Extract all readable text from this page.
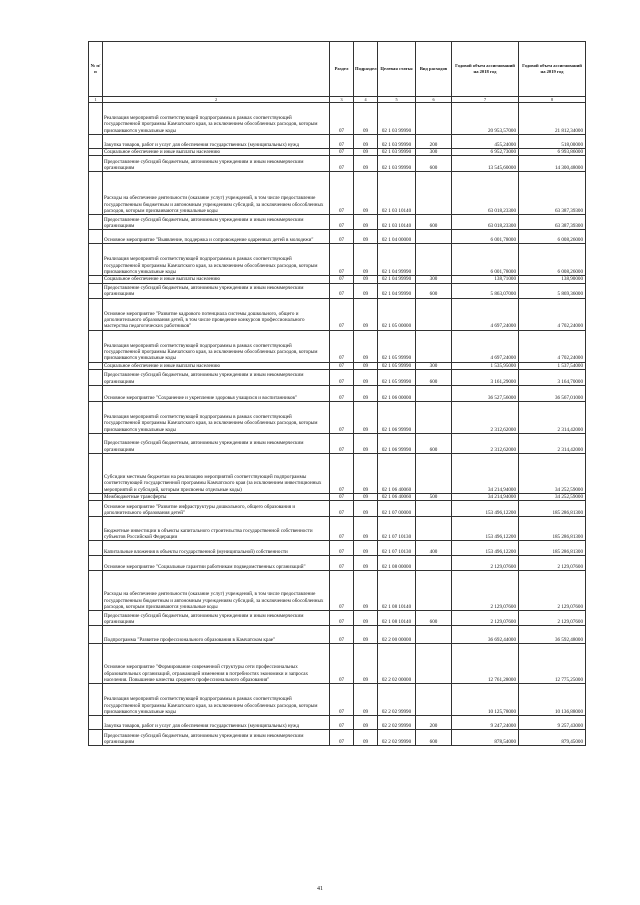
№ п/п		Раздел	Подраздел	Целевая статья	Вид расходов	Годовой объем ассигнований на 2018 год	Годовой объем ассигнований на 2019 год
1	2	3	4	5	6	7	8
	Реализация мероприятий соответствующей подпрограммы в рамках соответствующей государственной программы Камчатского края, за исключением обособленных расходов, которым присваиваются уникальные коды	07	09	02 1 03 99990		20 953,57000	21 812,34000
	Закупка товаров, работ и услуг для обеспечения государственных (муниципальных) нужд	07	09	02 1 03 99990	200	455,24000	518,00000
	Социальное обеспечение и иные выплаты населению	07	09	02 1 03 99990	300	6 952,73000	6 993,86000
	Предоставление субсидий бюджетным, автономным учреждениям и иным некоммерческим организациям	07	09	02 1 03 99990	600	13 545,60000	14 300,48000
	Расходы на обеспечение деятельности (оказание услуг) учреждений, в том числе предоставление государственным бюджетным и автономным учреждениям субсидий, за исключением обособленных расходов, которым присваиваются уникальные коды	07	09	02 1 03 10140		63 018,23300	63 387,39300
	Предоставление субсидий бюджетным, автономным учреждениям и иным некоммерческим организациям	07	09	02 1 03 10140	600	63 018,23300	63 387,39300
	Основное мероприятие "Выявление, поддержка и сопровождение одаренных детей в молодежи"	07	09	02 1 04 00000		6 001,78000	6 008,26000
	Реализация мероприятий соответствующей подпрограммы в рамках соответствующей государственной программы Камчатского края, за исключением обособленных расходов, которым присваиваются уникальные коды	07	09	02 1 04 99990		6 001,78000	6 008,26000
	Социальное обеспечение и иные выплаты населению	07	09	02 1 04 99990	300	138,71000	138,90000
	Предоставление субсидий бюджетным, автономным учреждениям и иным некоммерческим организациям	07	09	02 1 04 99990	600	5 863,07000	5 869,36000
	Основное мероприятие "Развитие кадрового потенциала системы дошкольного, общего и дополнительного образования детей, в том числе проведение конкурсов профессионального мастерства педагогических работников"	07	09	02 1 05 00000		4 697,24000	4 702,24000
	Реализация мероприятий соответствующей подпрограммы в рамках соответствующей государственной программы Камчатского края, за исключением обособленных расходов, которым присваиваются уникальные коды	07	09	02 1 05 99990		4 697,24000	4 702,24000
	Социальное обеспечение и иные выплаты населению	07	09	02 1 05 99990	300	1 535,95000	1 537,54000
	Предоставление субсидий бюджетным, автономным учреждениям и иным некоммерческим организациям	07	09	02 1 05 99990	600	3 161,29000	3 164,70000
	Основное мероприятие "Сохранение и укрепление здоровья учащихся и воспитанников"	07	09	02 1 06 00000		36 527,56000	36 567,01000
	Реализация мероприятий соответствующей подпрограммы в рамках соответствующей государственной программы Камчатского края, за исключением обособленных расходов, которым присваиваются уникальные коды	07	09	02 1 06 99990		2 312,62000	2 314,42000
	Предоставление субсидий бюджетным, автономным учреждениям и иным некоммерческим организациям	07	09	02 1 06 99990	600	2 312,62000	2 314,42000
	Субсидии местным бюджетам на реализацию мероприятий соответствующей подпрограммы соответствующей государственной программы Камчатского края (за исключением инвестиционных мероприятий и субсидий, которым присвоены отдельные коды)	07	09	02 1 06 40060		34 214,94000	34 252,59000
	Межбюджетные трансферты	07	09	02 1 06 40060	500	34 214,94000	34 252,59000
	Основное мероприятие "Развитие инфраструктуры дошкольного, общего образования и дополнительного образования детей"	07	09	02 1 07 00000		153 496,12200	185 286,81300
	Бюджетные инвестиции в объекты капитального строительства государственной собственности субъектов Российской Федерации	07	09	02 1 07 10130		153 496,12200	185 286,81300
	Капитальные вложения в объекты государственной (муниципальной) собственности	07	09	02 1 07 10130	400	153 496,12200	185 286,81300
	Основное мероприятие "Социальные гарантии работникам подведомственных организаций"	07	09	02 1 08 00000		2 129,07600	2 129,07600
	Расходы на обеспечение деятельности (оказание услуг) учреждений, в том числе предоставление государственным бюджетным и автономным учреждениям субсидий, за исключением обособленных расходов, которым присваиваются уникальные коды	07	09	02 1 08 10140		2 129,07600	2 129,07600
	Предоставление субсидий бюджетным, автономным учреждениям и иным некоммерческим организациям	07	09	02 1 08 10140	600	2 129,07600	2 129,07600
	Подпрограмма "Развитие профессионального образования в Камчатском крае"	07	09	02 2 00 00000		36 692,44000	36 592,48000
	Основное мероприятие "Формирование современной структуры сети профессиональных образовательных организаций, отражающей изменения в потребностях экономики и запросах населения. Повышение качества среднего профессионального образования"	07	09	02 2 02 00000		12 761,28000	12 775,25000
	Реализация мероприятий соответствующей подпрограммы в рамках соответствующей государственной программы Камчатского края, за исключением обособленных расходов, которым присваиваются уникальные коды	07	09	02 2 02 99990		10 125,78000	10 136,88000
	Закупка товаров, работ и услуг для обеспечения государственных (муниципальных) нужд	07	09	02 2 02 99990	200	9 247,24000	9 257,43000
	Предоставление субсидий бюджетным, автономным учреждениям и иным некоммерческим организациям	07	09	02 2 02 99990	600	878,54000	879,45000
41
